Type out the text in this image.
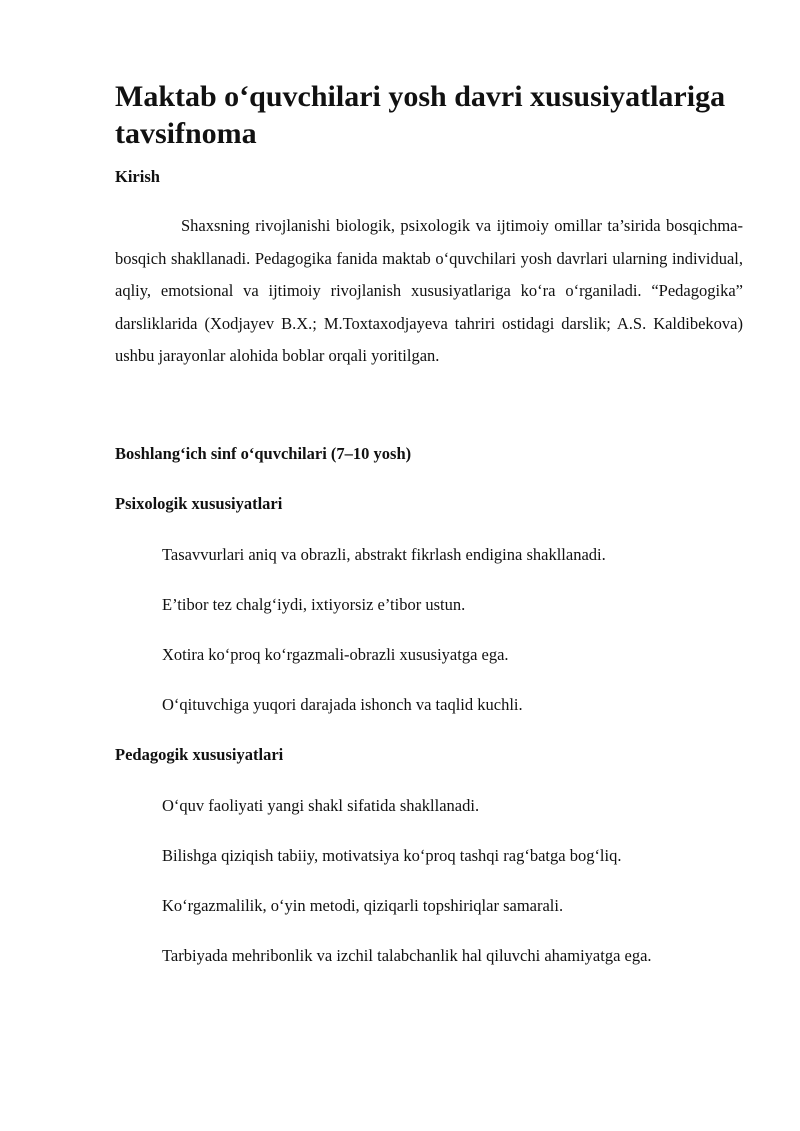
Maktab o‘quvchilari yosh davri xususiyatlariga tavsifnoma
Kirish

Shaxsning rivojlanishi biologik, psixologik va ijtimoiy omillar ta’sirida bosqichma-bosqich shakllanadi. Pedagogika fanida maktab o‘quvchilari yosh davrlari ularning individual, aqliy, emotsional va ijtimoiy rivojlanish xususiyatlariga ko‘ra o‘rganiladi. “Pedagogika” darsliklarida (Xodjayev B.X.; M.Toxtaxodjayeva tahriri ostidagi darslik; A.S. Kaldibekova) ushbu jarayonlar alohida boblar orqali yoritilgan.

Boshlang‘ich sinf o‘quvchilari (7–10 yosh)
Psixologik xususiyatlari
Tasavvurlari aniq va obrazli, abstrakt fikrlash endigina shakllanadi.
E’tibor tez chalg‘iydi, ixtiyorsiz e’tibor ustun.
Xotira ko‘proq ko‘rgazmali-obrazli xususiyatga ega.
O‘qituvchiga yuqori darajada ishonch va taqlid kuchli.
Pedagogik xususiyatlari
O‘quv faoliyati yangi shakl sifatida shakllanadi.
Bilishga qiziqish tabiiy, motivatsiya ko‘proq tashqi rag‘batga bog‘liq.
Ko‘rgazmalilik, o‘yin metodi, qiziqarli topshiriqlar samarali.
Tarbiyada mehribonlik va izchil talabchanlik hal qiluvchi ahamiyatga ega.
